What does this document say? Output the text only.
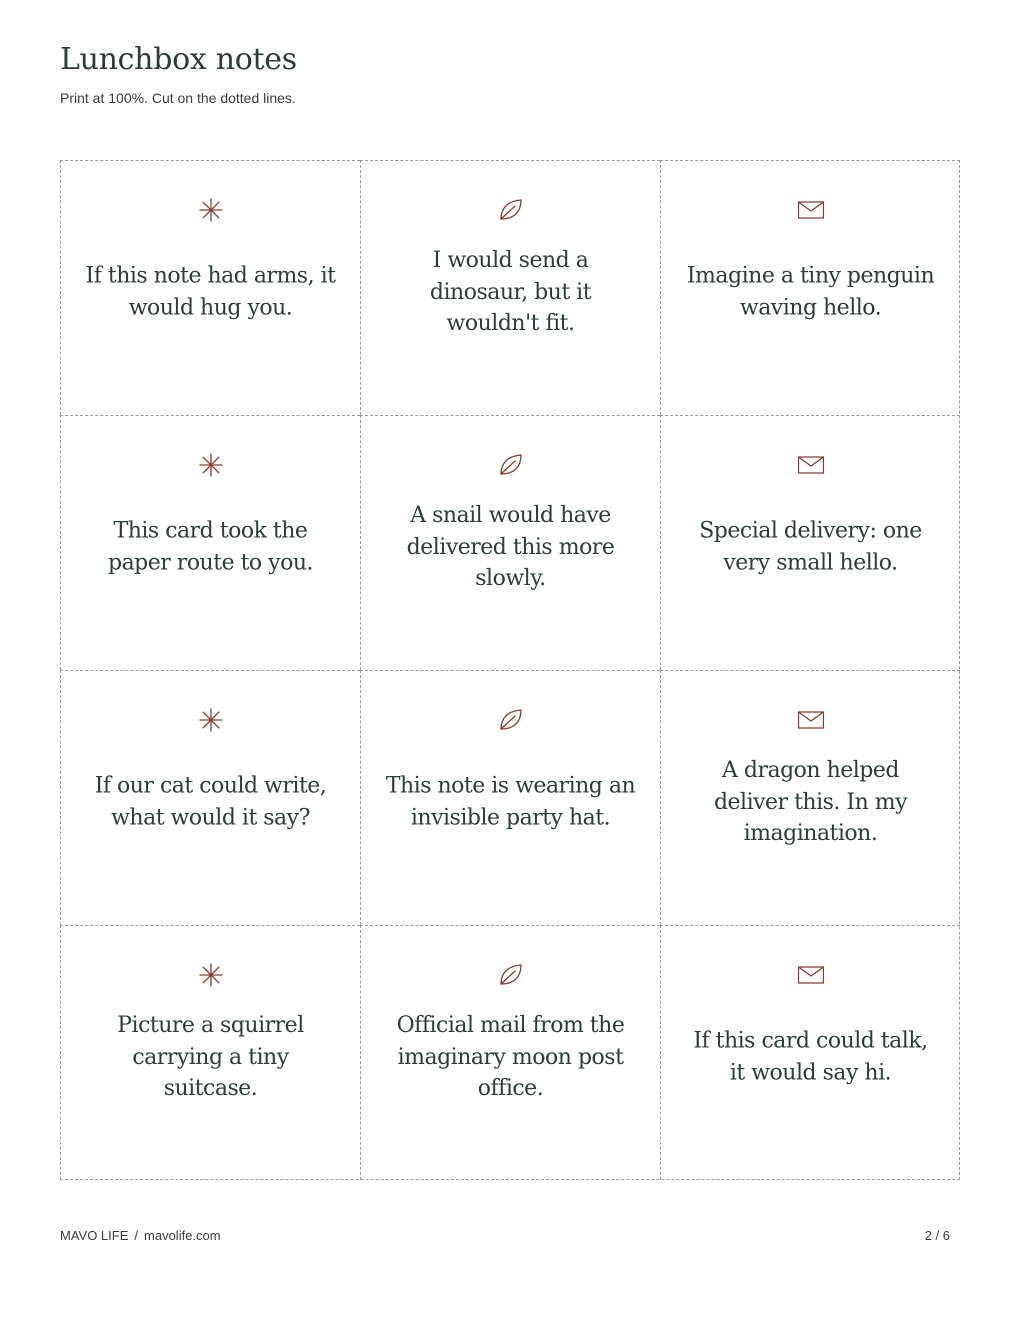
Lunchbox notes

Print at 100%. Cut on the dotted lines.

If this note had arms, it would hug you.

I would send a dinosaur, but it wouldn't fit.

Imagine a tiny penguin waving hello.

This card took the paper route to you.

A snail would have delivered this more slowly.

Special delivery: one very small hello.

If our cat could write, what would it say?

This note is wearing an invisible party hat.

A dragon helped deliver this. In my imagination.

Picture a squirrel carrying a tiny suitcase.

Official mail from the imaginary moon post office.

If this card could talk, it would say hi.

MAVO LIFE / mavolife.com	2 / 6
